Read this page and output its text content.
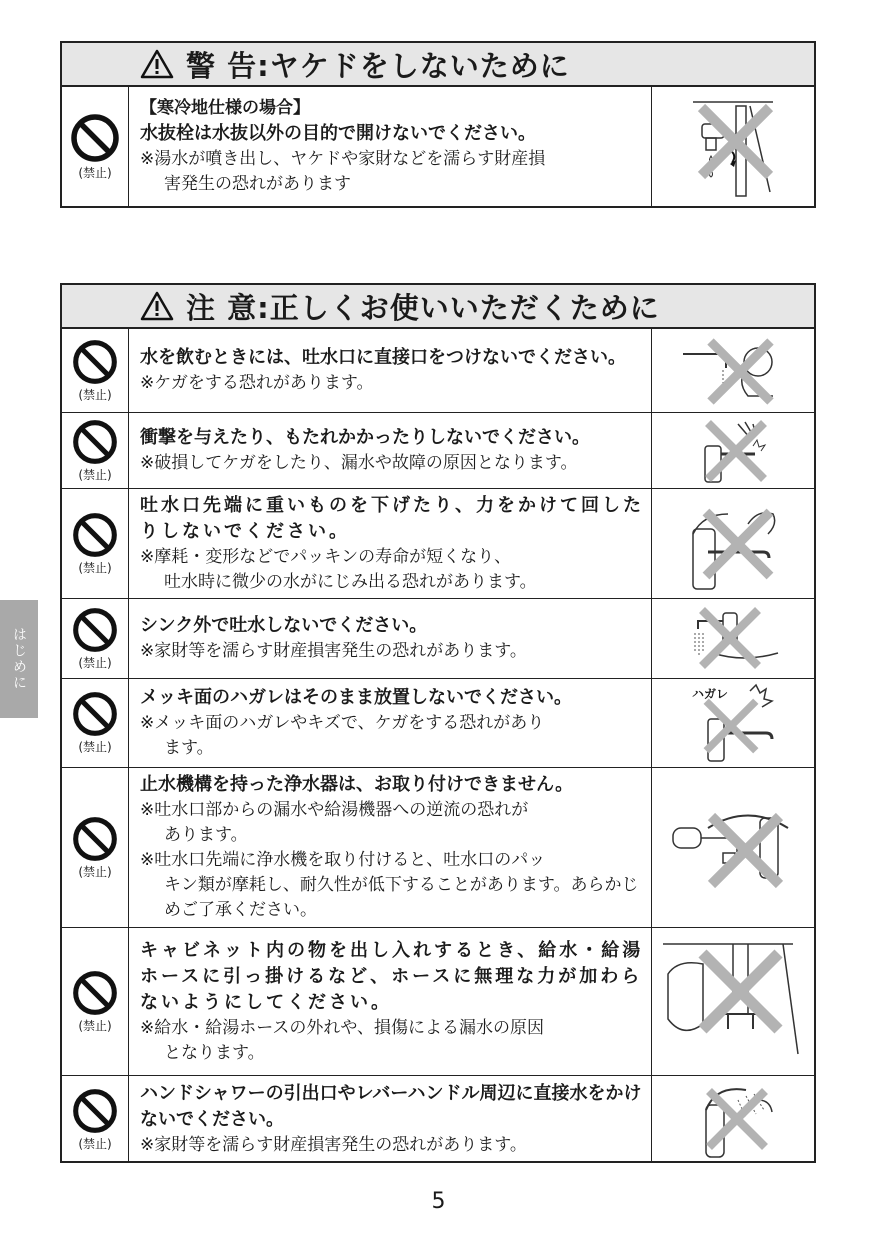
警 告:ヤケドをしないために
(禁止)
【寒冷地仕様の場合】
水抜栓は水抜以外の目的で開けないでください。
※湯水が噴き出し、ヤケドや家財などを濡らす財産損
害発生の恐れがあります
注 意:正しくお使いいただくために
(禁止)
水を飲むときには、吐水口に直接口をつけないでください。
※ケガをする恐れがあります。
(禁止)
衝撃を与えたり、もたれかかったりしないでください。
※破損してケガをしたり、漏水や故障の原因となります。
(禁止)
吐水口先端に重いものを下げたり、力をかけて回したりしないでください。
※摩耗・変形などでパッキンの寿命が短くなり、
吐水時に微少の水がにじみ出る恐れがあります。
(禁止)
シンク外で吐水しないでください。
※家財等を濡らす財産損害発生の恐れがあります。
(禁止)
メッキ面のハガレはそのまま放置しないでください。
※メッキ面のハガレやキズで、ケガをする恐れがあり
ます。
ハガレ
(禁止)
止水機構を持った浄水器は、お取り付けできません。
※吐水口部からの漏水や給湯機器への逆流の恐れが
あります。
※吐水口先端に浄水機を取り付けると、吐水口のパッ
キン類が摩耗し、耐久性が低下することがあります。あらかじめご了承ください。
(禁止)
キャビネット内の物を出し入れするとき、給水・給湯ホースに引っ掛けるなど、ホースに無理な力が加わらないようにしてください。
※給水・給湯ホースの外れや、損傷による漏水の原因
となります。
(禁止)
ハンドシャワーの引出口やレバーハンドル周辺に直接水をかけないでください。
※家財等を濡らす財産損害発生の恐れがあります。
はじめに
5
